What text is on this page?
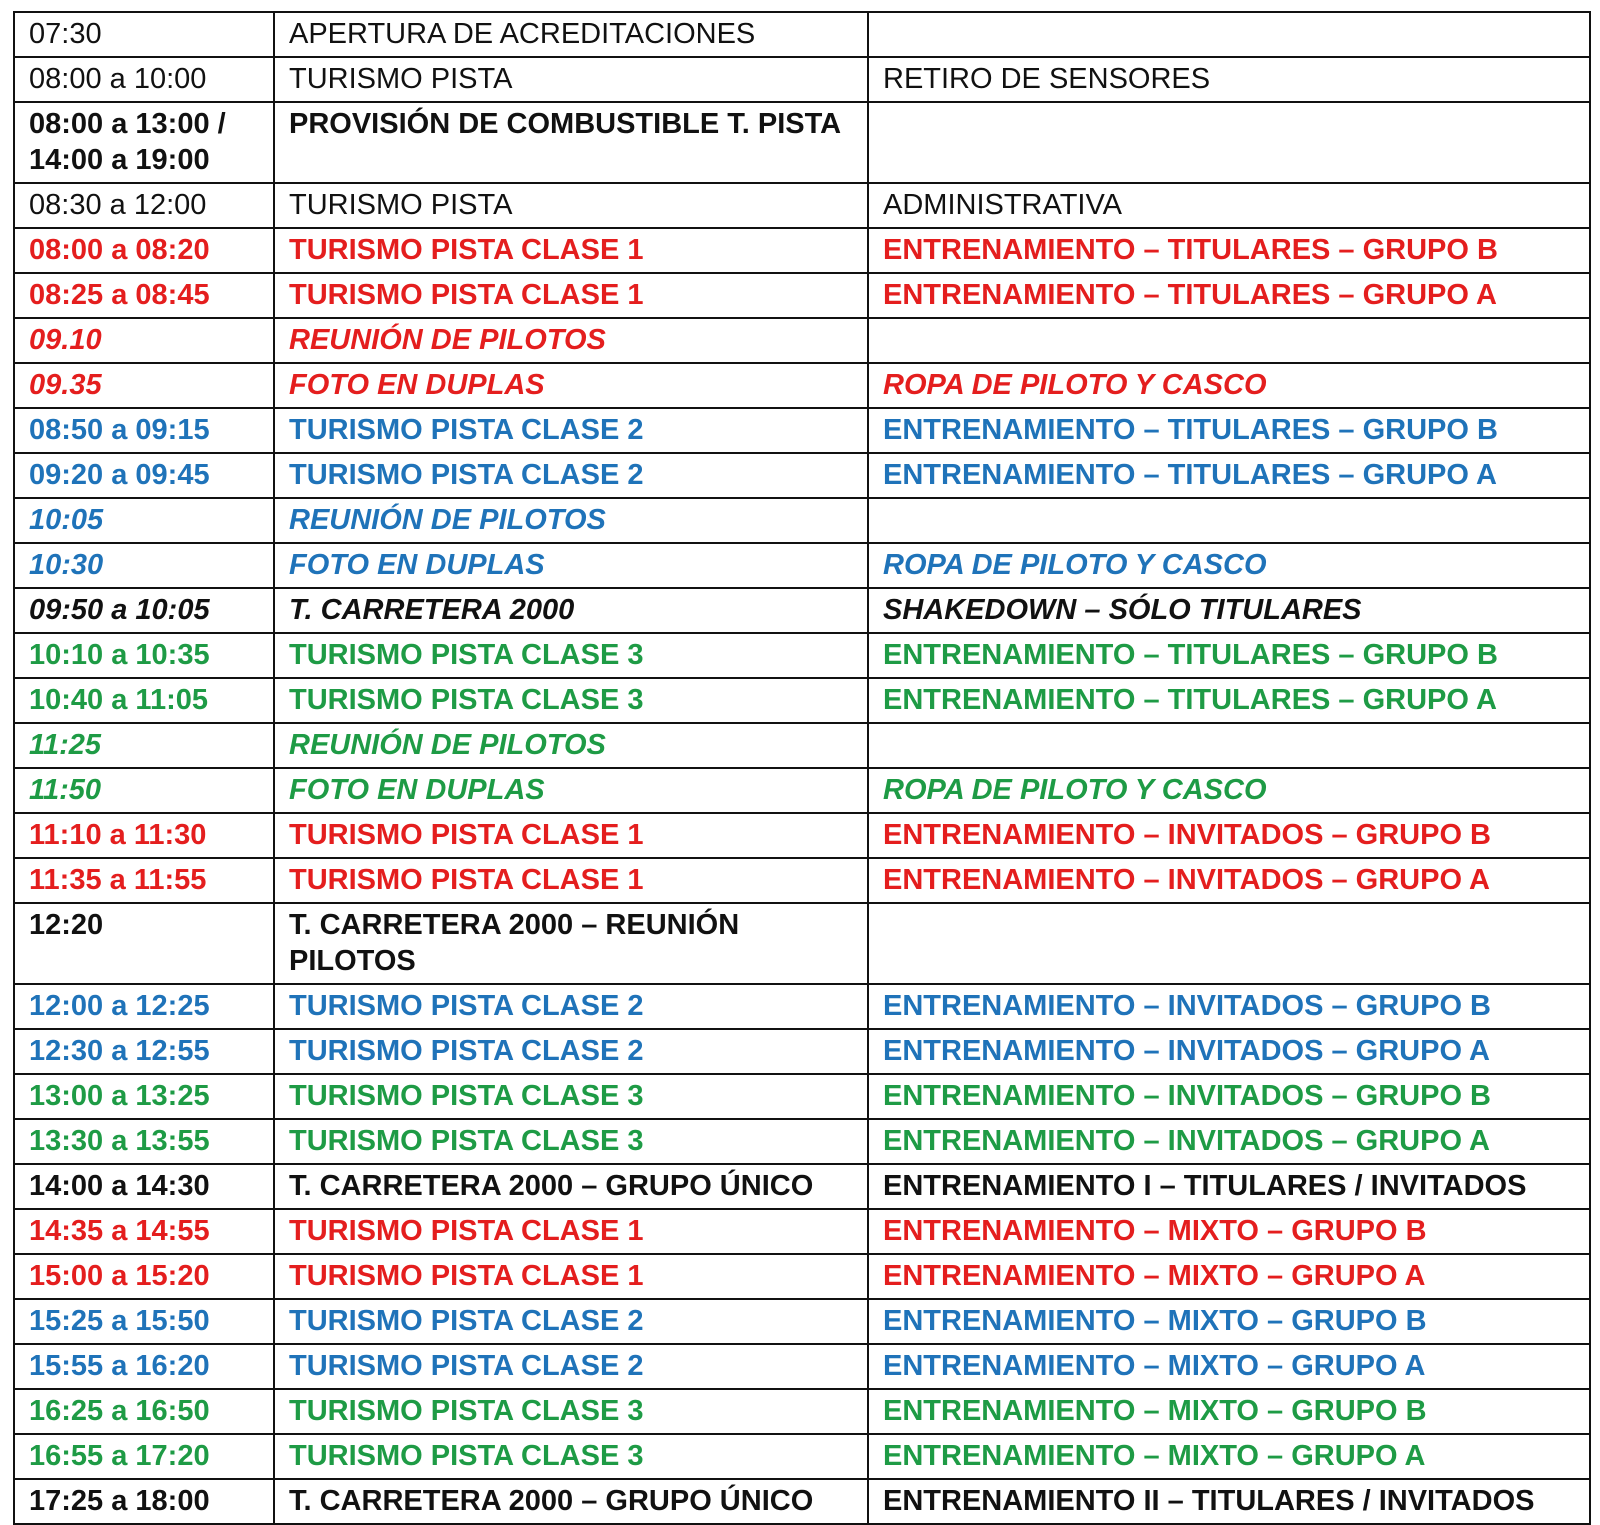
07:30	APERTURA DE ACREDITACIONES	

08:00 a 10:00	TURISMO PISTA	RETIRO DE SENSORES

08:00 a 13:00 /
14:00 a 19:00	PROVISIÓN DE COMBUSTIBLE T. PISTA	

08:30 a 12:00	TURISMO PISTA	ADMINISTRATIVA

08:00 a 08:20	TURISMO PISTA CLASE 1	ENTRENAMIENTO – TITULARES – GRUPO B

08:25 a 08:45	TURISMO PISTA CLASE 1	ENTRENAMIENTO – TITULARES – GRUPO A

09.10	REUNIÓN DE PILOTOS	

09.35	FOTO EN DUPLAS	ROPA DE PILOTO Y CASCO

08:50 a 09:15	TURISMO PISTA CLASE 2	ENTRENAMIENTO – TITULARES – GRUPO B

09:20 a 09:45	TURISMO PISTA CLASE 2	ENTRENAMIENTO – TITULARES – GRUPO A

10:05	REUNIÓN DE PILOTOS	

10:30	FOTO EN DUPLAS	ROPA DE PILOTO Y CASCO

09:50 a 10:05	T. CARRETERA 2000	SHAKEDOWN – SÓLO TITULARES

10:10 a 10:35	TURISMO PISTA CLASE 3	ENTRENAMIENTO – TITULARES – GRUPO B

10:40 a 11:05	TURISMO PISTA CLASE 3	ENTRENAMIENTO – TITULARES – GRUPO A

11:25	REUNIÓN DE PILOTOS	

11:50	FOTO EN DUPLAS	ROPA DE PILOTO Y CASCO

11:10 a 11:30	TURISMO PISTA CLASE 1	ENTRENAMIENTO – INVITADOS – GRUPO B

11:35 a 11:55	TURISMO PISTA CLASE 1	ENTRENAMIENTO – INVITADOS – GRUPO A

12:20	T. CARRETERA 2000 – REUNIÓN PILOTOS	

12:00 a 12:25	TURISMO PISTA CLASE 2	ENTRENAMIENTO – INVITADOS – GRUPO B

12:30 a 12:55	TURISMO PISTA CLASE 2	ENTRENAMIENTO – INVITADOS – GRUPO A

13:00 a 13:25	TURISMO PISTA CLASE 3	ENTRENAMIENTO – INVITADOS – GRUPO B

13:30 a 13:55	TURISMO PISTA CLASE 3	ENTRENAMIENTO – INVITADOS – GRUPO A

14:00 a 14:30	T. CARRETERA 2000 – GRUPO ÚNICO	ENTRENAMIENTO I – TITULARES / INVITADOS

14:35 a 14:55	TURISMO PISTA CLASE 1	ENTRENAMIENTO – MIXTO – GRUPO B

15:00 a 15:20	TURISMO PISTA CLASE 1	ENTRENAMIENTO – MIXTO – GRUPO A

15:25 a 15:50	TURISMO PISTA CLASE 2	ENTRENAMIENTO – MIXTO – GRUPO B

15:55 a 16:20	TURISMO PISTA CLASE 2	ENTRENAMIENTO – MIXTO – GRUPO A

16:25 a 16:50	TURISMO PISTA CLASE 3	ENTRENAMIENTO – MIXTO – GRUPO B

16:55 a 17:20	TURISMO PISTA CLASE 3	ENTRENAMIENTO – MIXTO – GRUPO A

17:25 a 18:00	T. CARRETERA 2000 – GRUPO ÚNICO	ENTRENAMIENTO II – TITULARES / INVITADOS
